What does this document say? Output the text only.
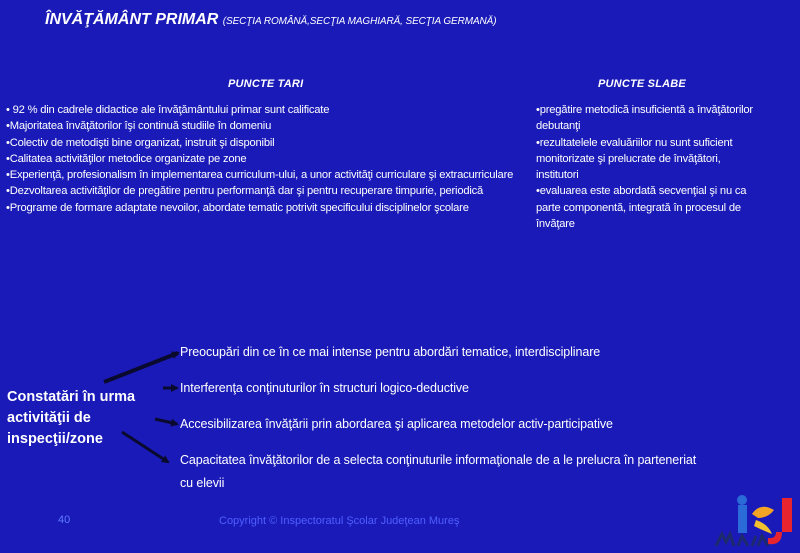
ÎNVĂŢĂMÂNT PRIMAR (SECŢIA ROMÂNĂ,SECŢIA MAGHIARĂ, SECŢIA GERMANĂ)
PUNCTE TARI	PUNCTE SLABE
• 92 % din cadrele didactice ale învăţământului primar sunt calificate
•Majoritatea învăţătorilor îşi continuă studiile în domeniu
•Colectiv de metodişti bine organizat, instruit şi disponibil
•Calitatea activităţilor metodice organizate pe zone
•Experienţă, profesionalism în implementarea curriculum-ului, a unor activităţi curriculare şi extracurriculare
•Dezvoltarea activităţilor de pregătire pentru performanţă dar şi pentru recuperare timpurie, periodică
•Programe de formare adaptate nevoilor, abordate tematic potrivit specificului disciplinelor şcolare
•pregătire metodică insuficientă a învăţătorilor debutanţi
•rezultatelele evaluăriilor nu sunt suficient monitorizate şi prelucrate de învăţători, institutori
•evaluarea este abordată secvenţial şi nu ca parte componentă, integrată în procesul de învăţare
Constatări în urma activităţii de inspecţii/zone
Preocupări din ce în ce mai intense pentru abordări tematice, interdisciplinare
Interferenţa conţinuturilor în structuri logico-deductive
Accesibilizarea învăţării prin abordarea şi aplicarea metodelor activ-participative
Capacitatea învăţătorilor de a selecta conţinuturile informaţionale de a le prelucra în parteneriat cu elevii
40	Copyright © Inspectoratul Şcolar Judeţean Mureş
